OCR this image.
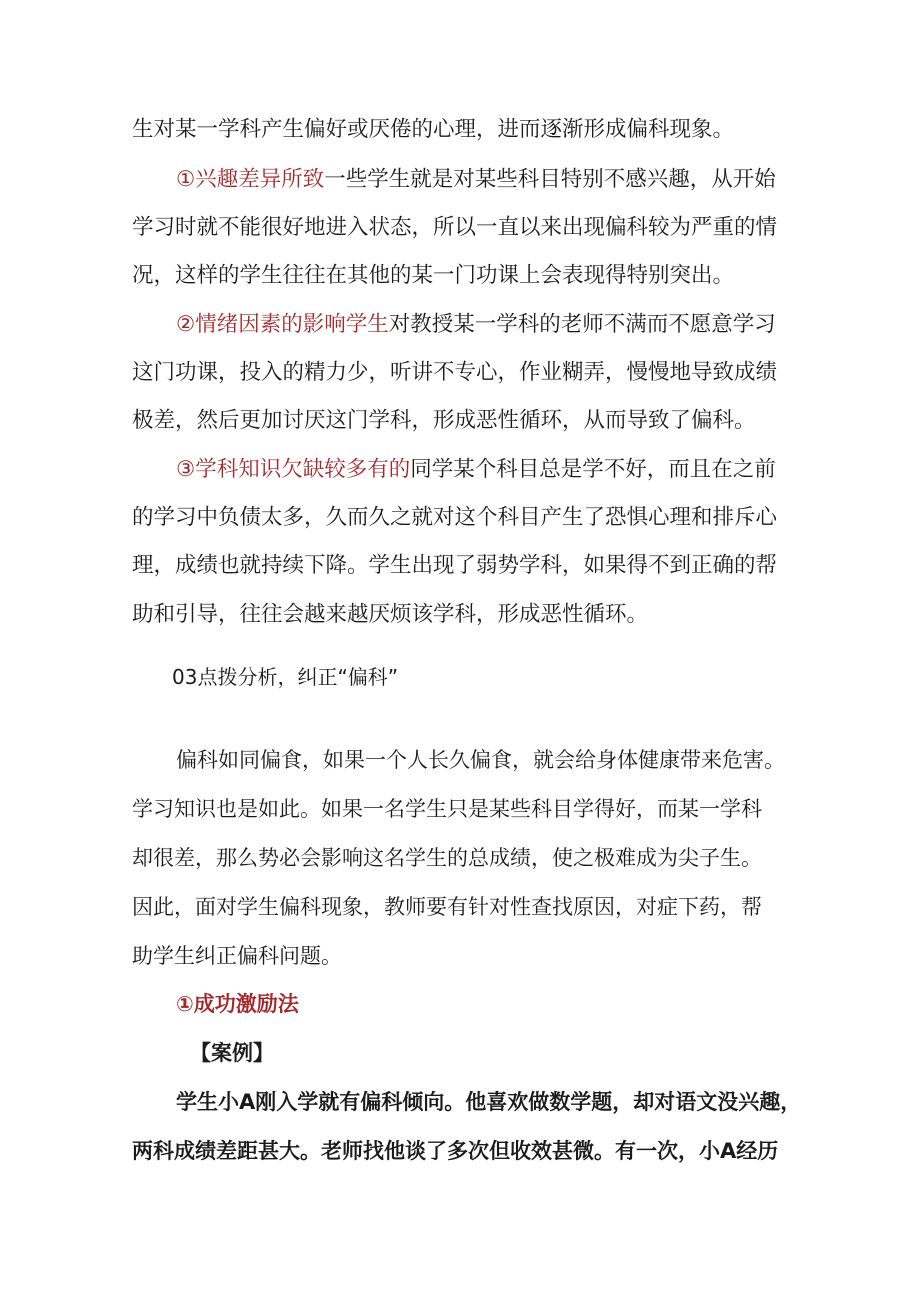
生对某一学科产生偏好或厌倦的心理，进而逐渐形成偏科现象。
①兴趣差异所致一些学生就是对某些科目特别不感兴趣，从开始
学习时就不能很好地进入状态，所以一直以来出现偏科较为严重的情
况，这样的学生往往在其他的某一门功课上会表现得特别突出。
②情绪因素的影响学生对教授某一学科的老师不满而不愿意学习
这门功课，投入的精力少，听讲不专心，作业糊弄，慢慢地导致成绩
极差，然后更加讨厌这门学科，形成恶性循环，从而导致了偏科。
③学科知识欠缺较多有的同学某个科目总是学不好，而且在之前
的学习中负债太多，久而久之就对这个科目产生了恐惧心理和排斥心
理，成绩也就持续下降。学生出现了弱势学科，如果得不到正确的帮
助和引导，往往会越来越厌烦该学科，形成恶性循环。
03点拨分析，纠正“偏科”
偏科如同偏食，如果一个人长久偏食，就会给身体健康带来危害。
学习知识也是如此。如果一名学生只是某些科目学得好，而某一学科
却很差，那么势必会影响这名学生的总成绩，使之极难成为尖子生。
因此，面对学生偏科现象，教师要有针对性查找原因，对症下药，帮
助学生纠正偏科问题。
①成功激励法
【案例】
学生小A刚入学就有偏科倾向。他喜欢做数学题，却对语文没兴趣，
两科成绩差距甚大。老师找他谈了多次但收效甚微。有一次，小A经历
